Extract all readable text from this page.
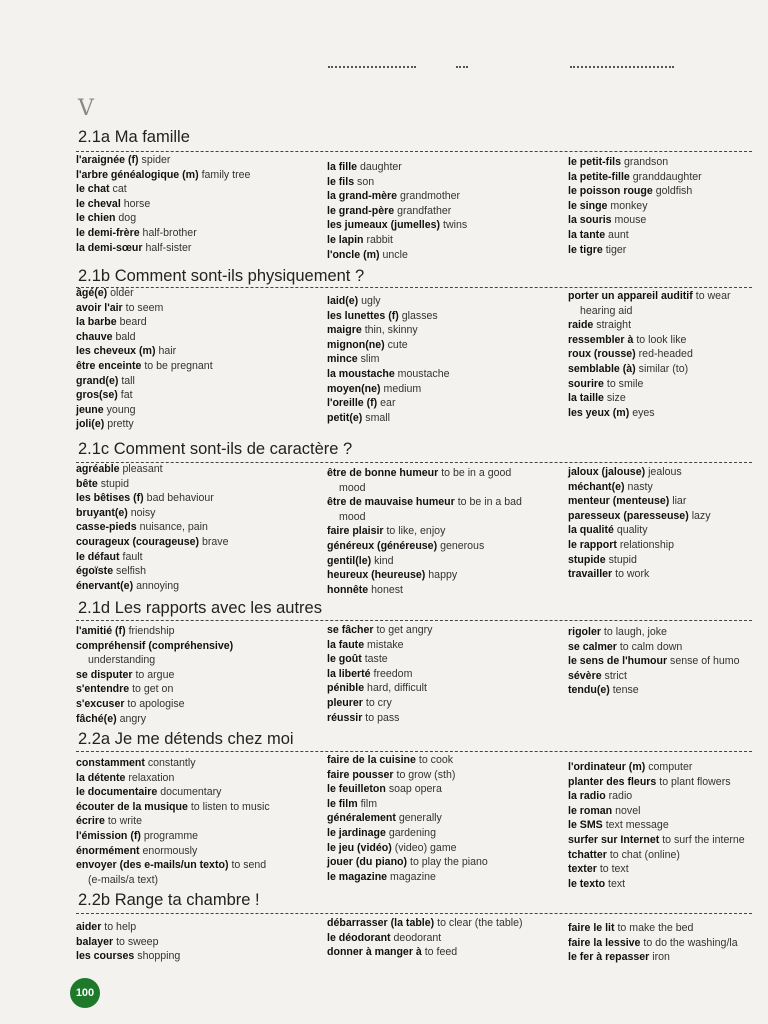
V
2.1a Ma famille
l'araignée (f) spider
l'arbre généalogique (m) family tree
le chat cat
le cheval horse
le chien dog
le demi-frère half-brother
la demi-sœur half-sister
la fille daughter
le fils son
la grand-mère grandmother
le grand-père grandfather
les jumeaux (jumelles) twins
le lapin rabbit
l'oncle (m) uncle
le petit-fils grandson
la petite-fille granddaughter
le poisson rouge goldfish
le singe monkey
la souris mouse
la tante aunt
le tigre tiger
2.1b Comment sont-ils physiquement ?
âgé(e) older
avoir l'air to seem
la barbe beard
chauve bald
les cheveux (m) hair
être enceinte to be pregnant
grand(e) tall
gros(se) fat
jeune young
joli(e) pretty
laid(e) ugly
les lunettes (f) glasses
maigre thin, skinny
mignon(ne) cute
mince slim
la moustache moustache
moyen(ne) medium
l'oreille (f) ear
petit(e) small
porter un appareil auditif to wear
hearing aid
raide straight
ressembler à to look like
roux (rousse) red-headed
semblable (à) similar (to)
sourire to smile
la taille size
les yeux (m) eyes
2.1c Comment sont-ils de caractère ?
agréable pleasant
bête stupid
les bêtises (f) bad behaviour
bruyant(e) noisy
casse-pieds nuisance, pain
courageux (courageuse) brave
le défaut fault
égoïste selfish
énervant(e) annoying
être de bonne humeur to be in a good
mood
être de mauvaise humeur to be in a bad
mood
faire plaisir to like, enjoy
généreux (généreuse) generous
gentil(le) kind
heureux (heureuse) happy
honnête honest
jaloux (jalouse) jealous
méchant(e) nasty
menteur (menteuse) liar
paresseux (paresseuse) lazy
la qualité quality
le rapport relationship
stupide stupid
travailler to work
2.1d Les rapports avec les autres
l'amitié (f) friendship
compréhensif (compréhensive)
understanding
se disputer to argue
s'entendre to get on
s'excuser to apologise
fâché(e) angry
se fâcher to get angry
la faute mistake
le goût taste
la liberté freedom
pénible hard, difficult
pleurer to cry
réussir to pass
rigoler to laugh, joke
se calmer to calm down
le sens de l'humour sense of humo
sévère strict
tendu(e) tense
2.2a Je me détends chez moi
constamment constantly
la détente relaxation
le documentaire documentary
écouter de la musique to listen to music
écrire to write
l'émission (f) programme
énormément enormously
envoyer (des e-mails/un texto) to send
(e-mails/a text)
faire de la cuisine to cook
faire pousser to grow (sth)
le feuilleton soap opera
le film film
généralement generally
le jardinage gardening
le jeu (vidéo) (video) game
jouer (du piano) to play the piano
le magazine magazine
l'ordinateur (m) computer
planter des fleurs to plant flowers
la radio radio
le roman novel
le SMS text message
surfer sur Internet to surf the interne
tchatter to chat (online)
texter to text
le texto text
2.2b Range ta chambre !
aider to help
balayer to sweep
les courses shopping
débarrasser (la table) to clear (the table)
le déodorant deodorant
donner à manger à to feed
faire le lit to make the bed
faire la lessive to do the washing/la
le fer à repasser iron
100
